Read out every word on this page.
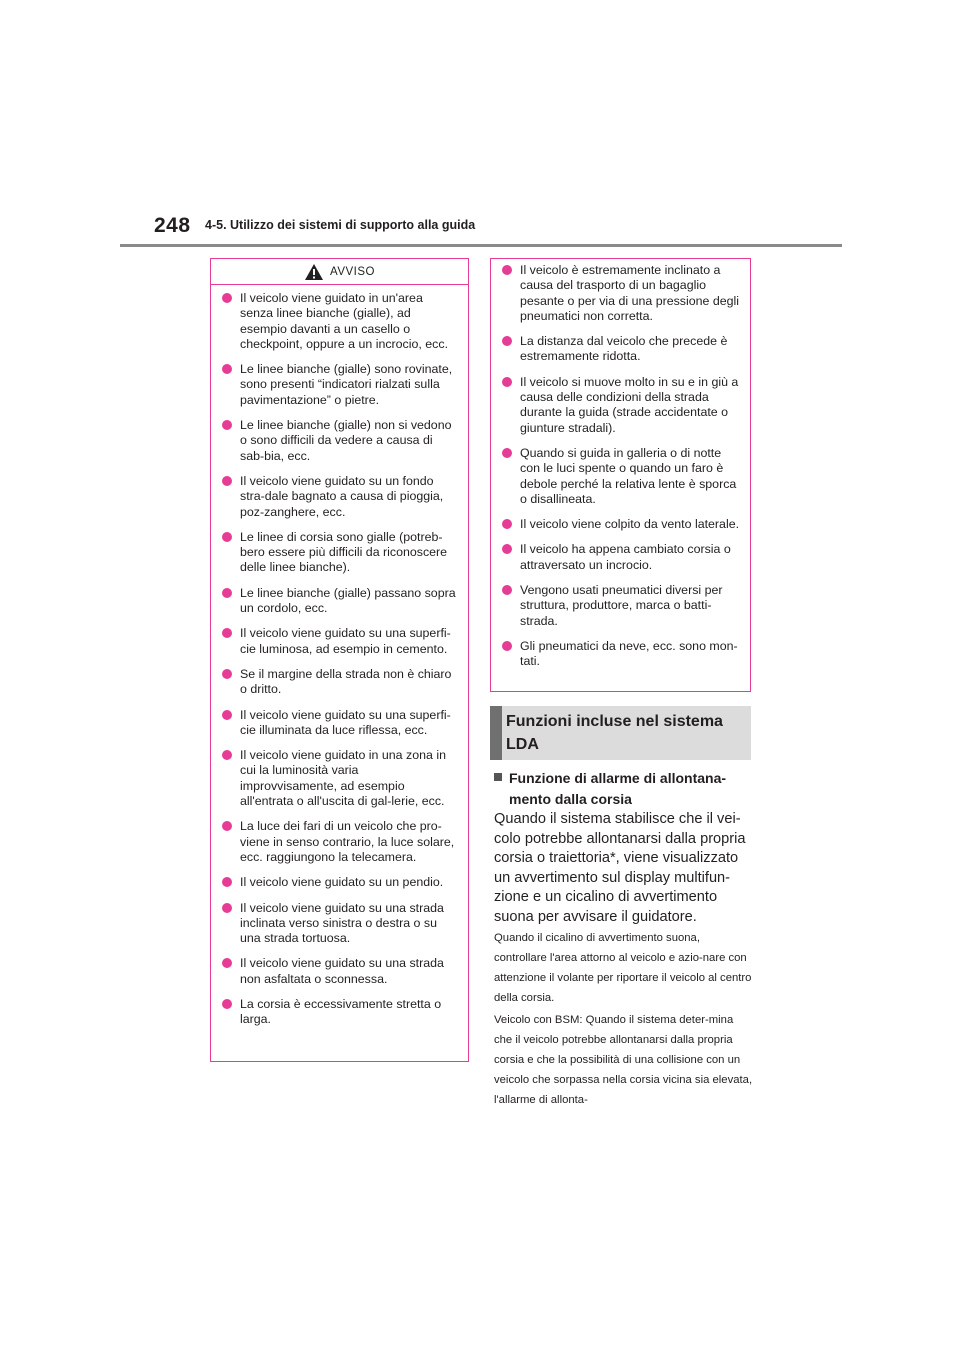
248 4-5. Utilizzo dei sistemi di supporto alla guida
AVVISO
Il veicolo viene guidato in un'area senza linee bianche (gialle), ad esempio davanti a un casello o checkpoint, oppure a un incrocio, ecc.
Le linee bianche (gialle) sono rovinate, sono presenti “indicatori rialzati sulla pavimentazione” o pietre.
Le linee bianche (gialle) non si vedono o sono difficili da vedere a causa di sab-bia, ecc.
Il veicolo viene guidato su un fondo stra-dale bagnato a causa di pioggia, poz-zanghere, ecc.
Le linee di corsia sono gialle (potreb-bero essere più difficili da riconoscere delle linee bianche).
Le linee bianche (gialle) passano sopra un cordolo, ecc.
Il veicolo viene guidato su una superfi-cie luminosa, ad esempio in cemento.
Se il margine della strada non è chiaro o dritto.
Il veicolo viene guidato su una superfi-cie illuminata da luce riflessa, ecc.
Il veicolo viene guidato in una zona in cui la luminosità varia improvvisamente, ad esempio all'entrata o all'uscita di gal-lerie, ecc.
La luce dei fari di un veicolo che pro-viene in senso contrario, la luce solare, ecc. raggiungono la telecamera.
Il veicolo viene guidato su un pendio.
Il veicolo viene guidato su una strada inclinata verso sinistra o destra o su una strada tortuosa.
Il veicolo viene guidato su una strada non asfaltata o sconnessa.
La corsia è eccessivamente stretta o larga.
Il veicolo è estremamente inclinato a causa del trasporto di un bagaglio pesante o per via di una pressione degli pneumatici non corretta.
La distanza dal veicolo che precede è estremamente ridotta.
Il veicolo si muove molto in su e in giù a causa delle condizioni della strada durante la guida (strade accidentate o giunture stradali).
Quando si guida in galleria o di notte con le luci spente o quando un faro è debole perché la relativa lente è sporca o disallineata.
Il veicolo viene colpito da vento laterale.
Il veicolo ha appena cambiato corsia o attraversato un incrocio.
Vengono usati pneumatici diversi per struttura, produttore, marca o batti-strada.
Gli pneumatici da neve, ecc. sono mon-tati.
Funzioni incluse nel sistema LDA
Funzione di allarme di allontana-
mento dalla corsia

Quando il sistema stabilisce che il vei-colo potrebbe allontanarsi dalla propria corsia o traiettoria*, viene visualizzato un avvertimento sul display multifun-zione e un cicalino di avvertimento suona per avvisare il guidatore.

Quando il cicalino di avvertimento suona, controllare l'area attorno al veicolo e azio-nare con attenzione il volante per riportare il veicolo al centro della corsia.

Veicolo con BSM: Quando il sistema deter-mina che il veicolo potrebbe allontanarsi dalla propria corsia e che la possibilità di una collisione con un veicolo che sorpassa nella corsia vicina sia elevata, l'allarme di allonta-
